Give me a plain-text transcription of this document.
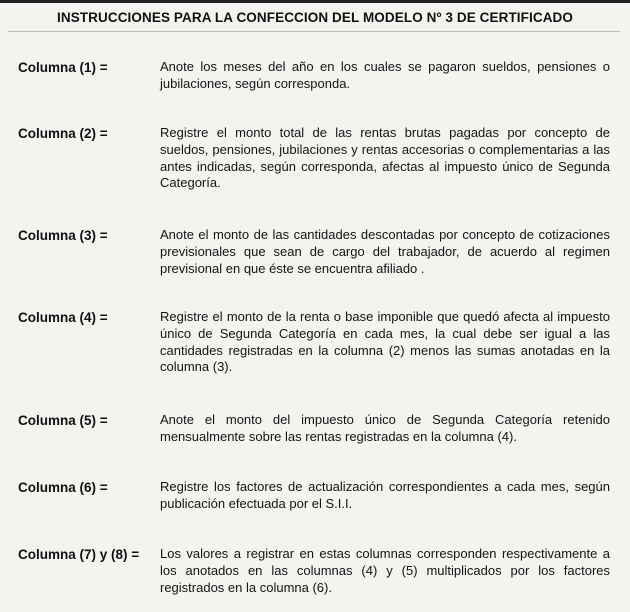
INSTRUCCIONES PARA LA CONFECCION DEL MODELO Nº 3 DE CERTIFICADO
Columna (1) =	Anote los meses del año en los cuales se pagaron sueldos, pensiones o jubilaciones, según corresponda.
Columna (2) =	Registre el monto total de las rentas brutas pagadas por concepto de sueldos, pensiones, jubilaciones y rentas accesorias o complementarias a las antes indicadas, según corresponda, afectas al impuesto único de Segunda Categoría.
Columna (3) =	Anote el monto de las cantidades descontadas por concepto de cotizaciones previsionales que sean de cargo del trabajador, de acuerdo al regimen previsional en que éste se encuentra afiliado .
Columna (4) =	Registre el monto de la renta o base imponible que quedó afecta al impuesto único de Segunda Categoría en cada mes, la cual debe ser igual a las cantidades registradas en la columna (2) menos las sumas anotadas en la columna (3).
Columna (5) =	Anote el monto del impuesto único de Segunda Categoría retenido mensualmente sobre las rentas registradas en la columna (4).
Columna (6) =	Registre los factores de actualización correspondientes a cada mes, según publicación efectuada por el S.I.I.
Columna (7) y (8) =	Los valores a registrar en estas columnas corresponden respectivamente a los anotados en las columnas (4) y (5) multiplicados por los factores registrados en la columna (6).
